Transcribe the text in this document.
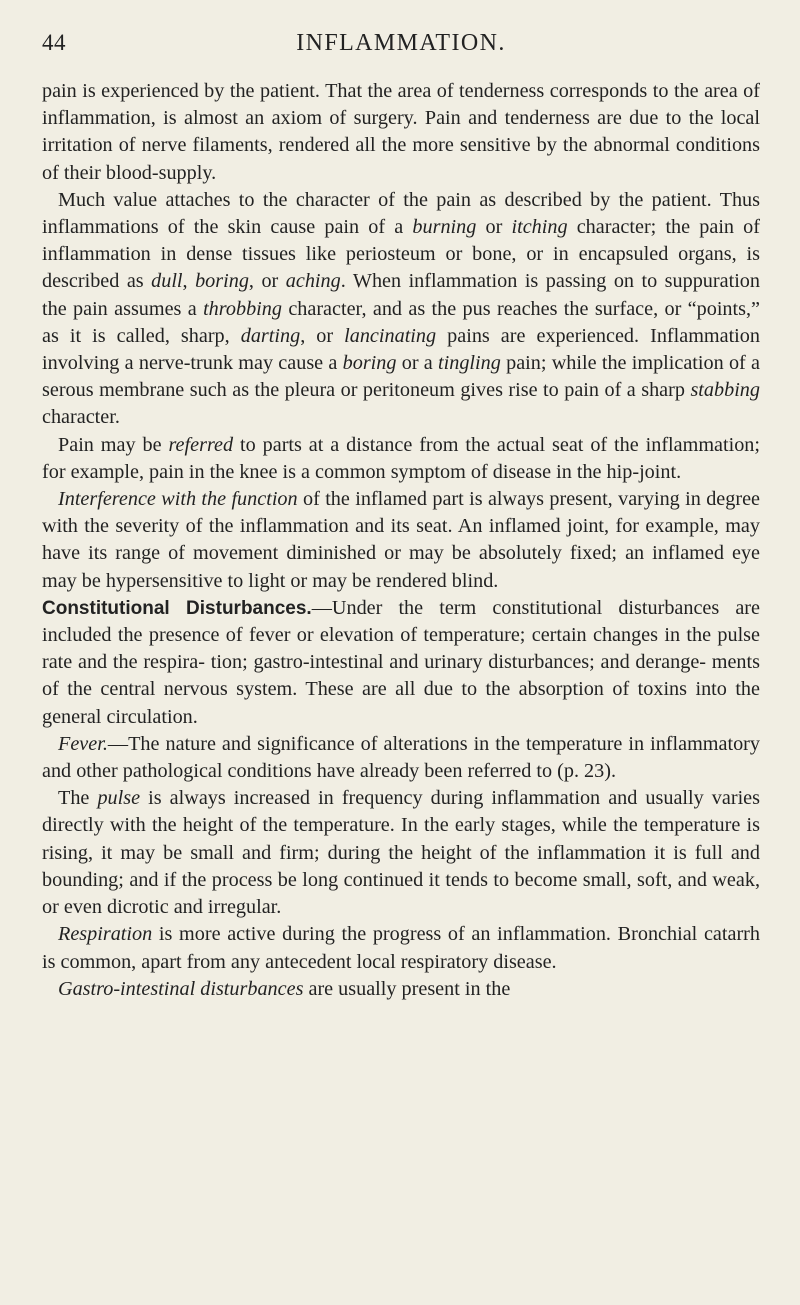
44	INFLAMMATION.

pain is experienced by the patient. That the area of tenderness corresponds to the area of inflammation, is almost an axiom of surgery. Pain and tenderness are due to the local irritation of nerve filaments, rendered all the more sensitive by the abnormal conditions of their blood-supply.

Much value attaches to the character of the pain as described by the patient. Thus inflammations of the skin cause pain of a burning or itching character; the pain of inflammation in dense tissues like periosteum or bone, or in encapsuled organs, is described as dull, boring, or aching. When inflammation is passing on to suppuration the pain assumes a throbbing character, and as the pus reaches the surface, or “points,” as it is called, sharp, darting, or lancinating pains are experienced. Inflammation involving a nerve-trunk may cause a boring or a tingling pain; while the implication of a serous membrane such as the pleura or peritoneum gives rise to pain of a sharp stabbing character.

Pain may be referred to parts at a distance from the actual seat of the inflammation; for example, pain in the knee is a common symptom of disease in the hip-joint.

Interference with the function of the inflamed part is always present, varying in degree with the severity of the inflammation and its seat. An inflamed joint, for example, may have its range of movement diminished or may be absolutely fixed; an inflamed eye may be hypersensitive to light or may be rendered blind.

Constitutional Disturbances.—Under the term constitutional disturbances are included the presence of fever or elevation of temperature; certain changes in the pulse rate and the respira- tion; gastro-intestinal and urinary disturbances; and derange- ments of the central nervous system. These are all due to the absorption of toxins into the general circulation.

Fever.—The nature and significance of alterations in the temperature in inflammatory and other pathological conditions have already been referred to (p. 23).

The pulse is always increased in frequency during inflammation and usually varies directly with the height of the temperature. In the early stages, while the temperature is rising, it may be small and firm; during the height of the inflammation it is full and bounding; and if the process be long continued it tends to become small, soft, and weak, or even dicrotic and irregular.

Respiration is more active during the progress of an inflammation. Bronchial catarrh is common, apart from any antecedent local respiratory disease.

Gastro-intestinal disturbances are usually present in the
